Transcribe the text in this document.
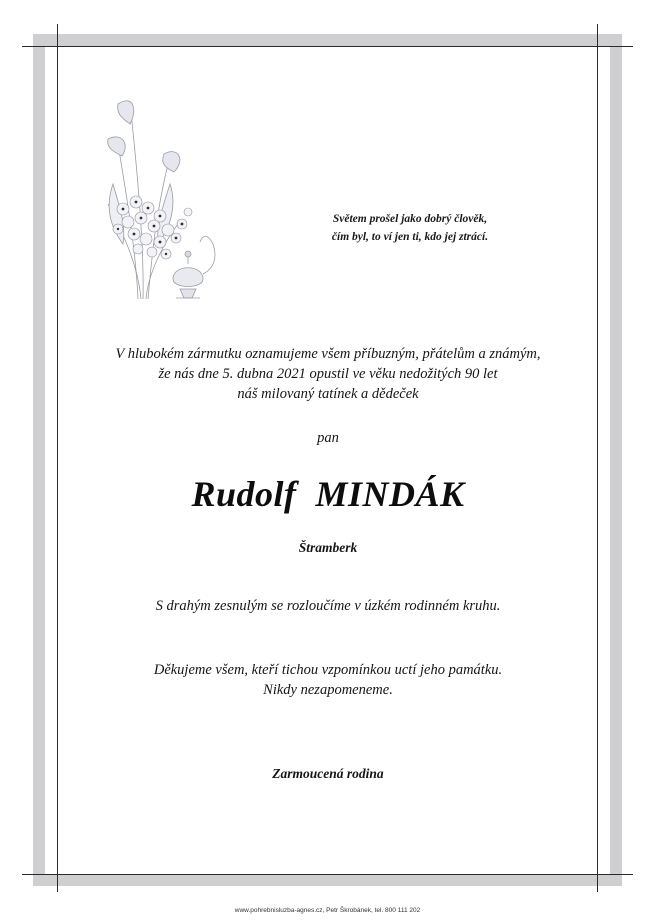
Světem prošel jako dobrý člověk,
čím byl, to ví jen ti, kdo jej ztrácí.
V hlubokém zármutku oznamujeme všem příbuzným, přátelům a známým,
že nás dne 5. dubna 2021 opustil ve věku nedožitých 90 let
náš milovaný tatínek a dědeček
pan
Rudolf  MINDÁK
Štramberk
S drahým zesnulým se rozloučíme v úzkém rodinném kruhu.
Děkujeme všem, kteří tichou vzpomínkou uctí jeho památku.
Nikdy nezapomeneme.
Zarmoucená rodina
www.pohrebnisluzba-agnes.cz, Petr Škrobánek, tel. 800 111 202
